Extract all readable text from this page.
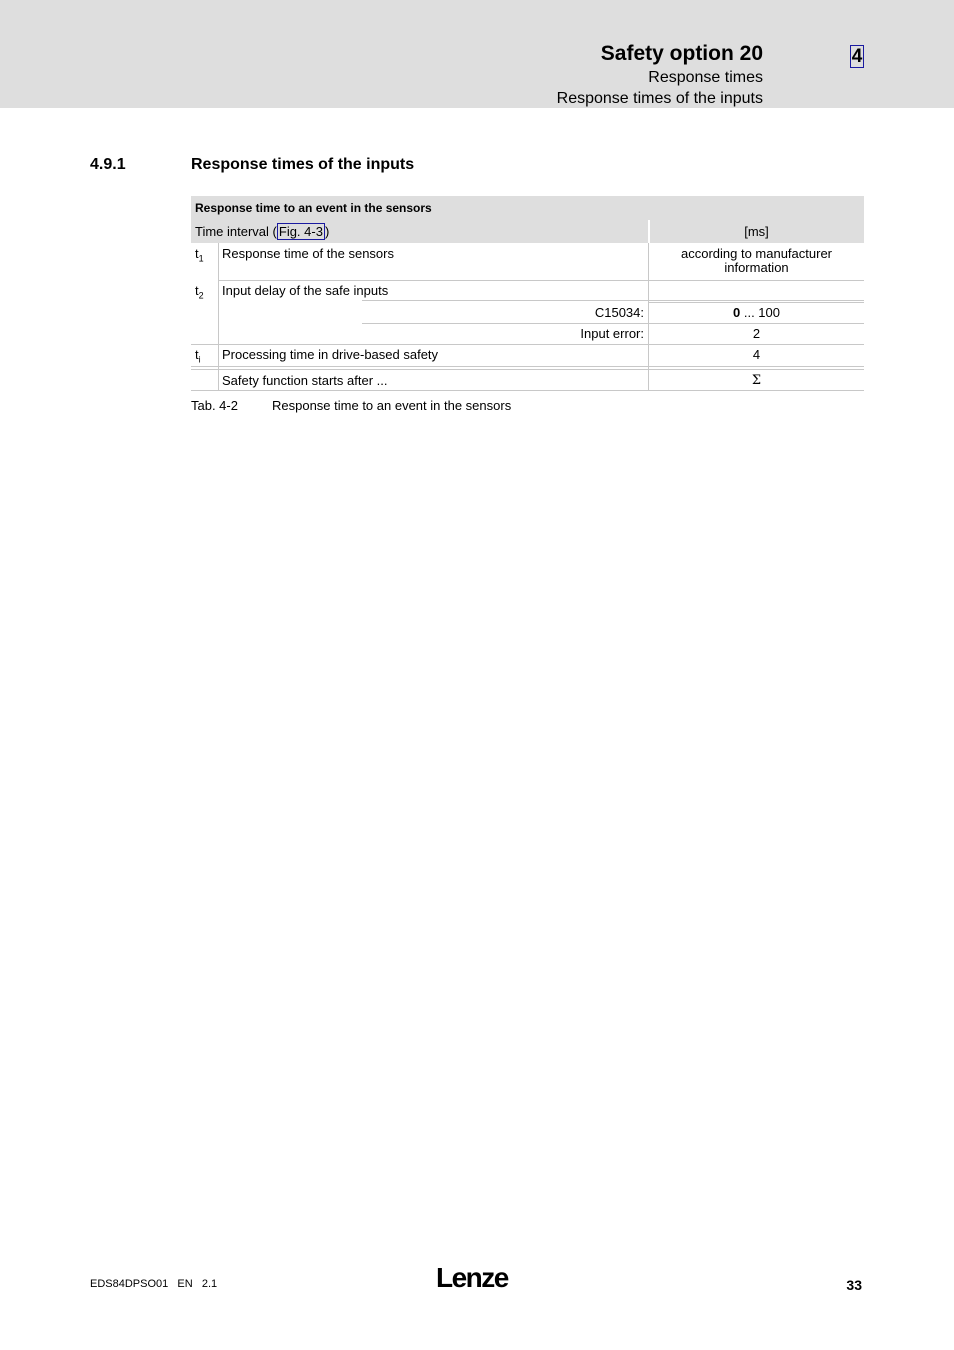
Safety option 20
Response times
Response times of the inputs
4
4.9.1	Response times of the inputs
Response time to an event in the sensors
Time interval ( Fig. 4-3 )	[ms]
$t_1$ Response time of the sensors	according to manufacturer
information
$t_2$ Input delay of the safe inputs
C15034:	0 ... 100
Input error:	2
$t_i$ Processing time in drive-based safety	4
Safety function starts after ...	Σ
Tab. 4-2	Response time to an event in the sensors
EDS84DPSO01   EN   2.1	Lenze	33
